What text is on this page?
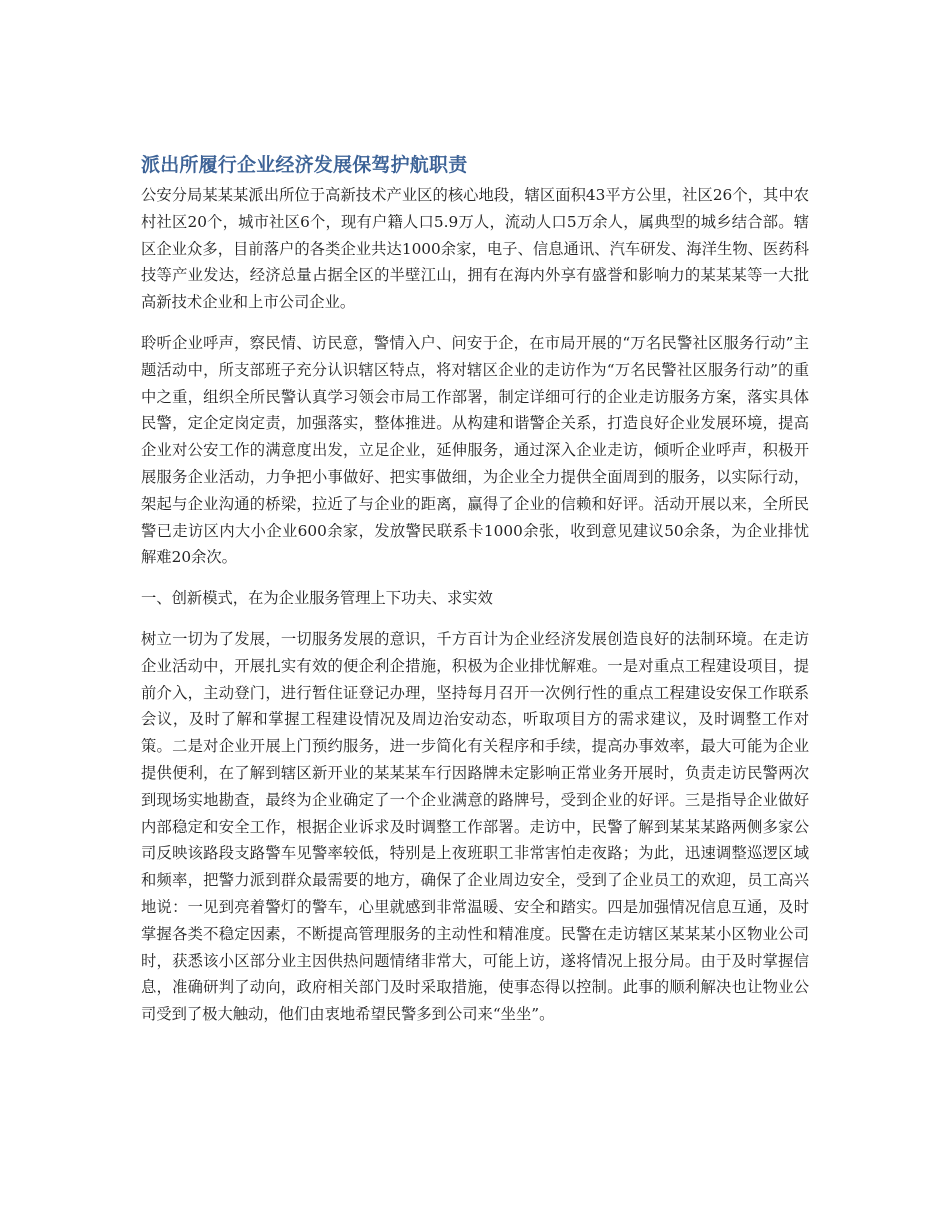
派出所履行企业经济发展保驾护航职责

公安分局某某某派出所位于高新技术产业区的核心地段，辖区面积43平方公里，社区26个，其中农村社区20个，城市社区6个，现有户籍人口5.9万人，流动人口5万余人，属典型的城乡结合部。辖区企业众多，目前落户的各类企业共达1000余家，电子、信息通讯、汽车研发、海洋生物、医药科技等产业发达，经济总量占据全区的半壁江山，拥有在海内外享有盛誉和影响力的某某某等一大批高新技术企业和上市公司企业。

聆听企业呼声，察民情、访民意，警情入户、问安于企，在市局开展的“万名民警社区服务行动”主题活动中，所支部班子充分认识辖区特点，将对辖区企业的走访作为“万名民警社区服务行动”的重中之重，组织全所民警认真学习领会市局工作部署，制定详细可行的企业走访服务方案，落实具体民警，定企定岗定责，加强落实，整体推进。从构建和谐警企关系，打造良好企业发展环境，提高企业对公安工作的满意度出发，立足企业，延伸服务，通过深入企业走访，倾听企业呼声，积极开展服务企业活动，力争把小事做好、把实事做细，为企业全力提供全面周到的服务，以实际行动，架起与企业沟通的桥梁，拉近了与企业的距离，赢得了企业的信赖和好评。活动开展以来，全所民警已走访区内大小企业600余家，发放警民联系卡1000余张，收到意见建议50余条，为企业排忧解难20余次。

一、创新模式，在为企业服务管理上下功夫、求实效

树立一切为了发展，一切服务发展的意识，千方百计为企业经济发展创造良好的法制环境。在走访企业活动中，开展扎实有效的便企利企措施，积极为企业排忧解难。一是对重点工程建设项目，提前介入，主动登门，进行暂住证登记办理，坚持每月召开一次例行性的重点工程建设安保工作联系会议，及时了解和掌握工程建设情况及周边治安动态，听取项目方的需求建议，及时调整工作对策。二是对企业开展上门预约服务，进一步简化有关程序和手续，提高办事效率，最大可能为企业提供便利，在了解到辖区新开业的某某某车行因路牌未定影响正常业务开展时，负责走访民警两次到现场实地勘查，最终为企业确定了一个企业满意的路牌号，受到企业的好评。三是指导企业做好内部稳定和安全工作，根据企业诉求及时调整工作部署。走访中，民警了解到某某某路两侧多家公司反映该路段支路警车见警率较低，特别是上夜班职工非常害怕走夜路；为此，迅速调整巡逻区域和频率，把警力派到群众最需要的地方，确保了企业周边安全，受到了企业员工的欢迎，员工高兴地说：一见到亮着警灯的警车，心里就感到非常温暖、安全和踏实。四是加强情况信息互通，及时掌握各类不稳定因素，不断提高管理服务的主动性和精准度。民警在走访辖区某某某小区物业公司时，获悉该小区部分业主因供热问题情绪非常大，可能上访，遂将情况上报分局。由于及时掌握信息，准确研判了动向，政府相关部门及时采取措施，使事态得以控制。此事的顺利解决也让物业公司受到了极大触动，他们由衷地希望民警多到公司来“坐坐”。
